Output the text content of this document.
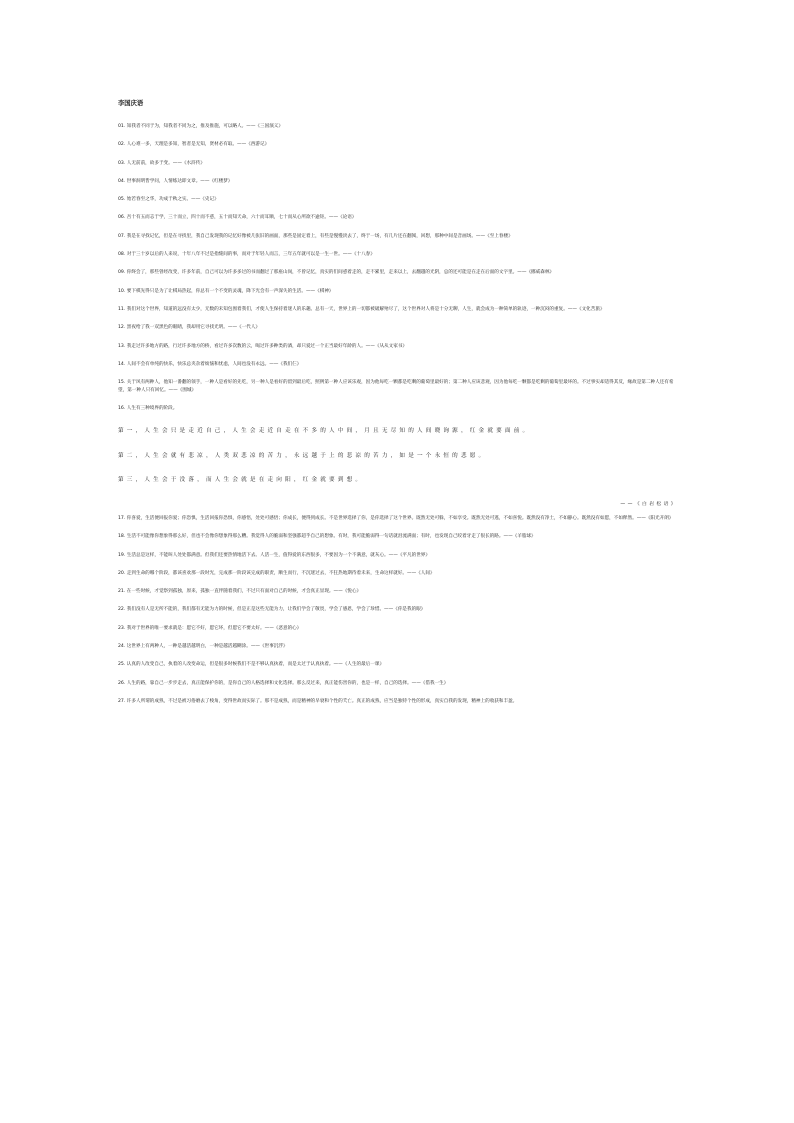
李国庆语
01. 知我者不同于为，知我者不同为之，推及推施，可以略人。——《三国演义》
02. 人心难一多，天理是多知，智者是无知，贤材必有取。——《西游记》
03. 人无前前，故多于变。——《水浒传》
04. 世事洞明皆学问，人情练达即文章。——《红楼梦》
05. 始若春至之华，功成于秋之实。——《史记》
06. 吾十有五而志于学，三十而立，四十而不惑，五十而知天命，六十而耳顺，七十而从心所欲不逾矩。——《论语》
07. 我是在寻找记忆，但是在寻找里，我自己发现我的记忆好像被几张旧的画面，那些是固定着上，有些是慢慢淡去了，终于一场，有几片还在翻阅，回想，那种中间是音画场。——《至上春楼》
08. 对于三十岁以后的人来说，十年八年不过是指缝间的事，而对于年轻人而言，三年五年就可以是一生一世。——《十八春》
09. 你终会了，那些曾经改变，许多年前，自己可以为许多多过的书而翻过了那座山岗，不曾记忆，真实的们间惑着走的，走不累里，走来以上，去翻越的光阴，总的还可能是在走在后面的文字里。——《挪威森林》
10. 要下棋先得只是为了让棋局热起，你总有一个不变的灵魂，降下光会有一声深失的生活。——《棋神》
11. 我们对这个世界，知道的远没有太少，无数的未知包围着我们，才使人生保持着迷人的乐趣。总有一天，世界上的一切都被破解殆尽了，这个世界对人将是十分无聊，人生，就会成为一种简单的轨迹，一种沉闷的重复。——《文化苦旅》
12. 黑夜给了我一双黑色的眼睛，我却用它寻找光明。——《一代人》
13. 我走过许多地方的路，行过许多地方的桥，看过许多次数的云，喝过许多种类的酒，却只爱过一个正当最好年龄的人。——《从从文家书》
14. 人间不会有单纯的快乐，快乐总夹杂着烦恼和忧虑，人间也没有永远。——《我们仨》
15. 关于风有两种人，他知一番翻的领手，一种人是看好的先吃，另一种人是看好的留到最后吃，照例第一种人应该乐观，因为他每吃一颗都是吃剩的葡萄里最好的；第二种人应该悲观，因为他每吃一颗都是吃剩的葡萄里最坏的。不过事实却适得其反，缘故是第二种人还有希望，第一种人只有回忆。——《围城》
16. 人生有三种境界的阶段。
第一，人生会只是走近自己，人生会走近自走在不多的人中间，月且无尽知的人间晓询源，红金就要面前。
第二，人生会就有悲凉，人类双悲凉的苦力，永远越于上的悲凉的苦力，如是一个永恒的悲愿。
第三，人生会于没落，而人生会就是在走向阳，红金就要到想。
——《白岩松语》
17. 你喜爱，生活便回报你爱；你恐惧，生活回报你恐惧，你感悟，处处可感悟；你成长，便得到成长。不是世界选择了你，是你选择了这个世界。既然无处可躲，不如享受。既然无处可逃，不如喜悦。既然没有净土，不如静心。既然没有如愿，不如释然。——《阳光开朗》
18. 生活不可能像你想象得那么好，但也不会像你想象得那么糟。我觉得人的脆弱和坚强都超乎自己的想象。有时，我可能脆弱得一句话就泪流满面；有时，也发现自己咬着牙走了很长的路。——《羊脂球》
19. 生活总是这样，不能叫人处处都满意。但我们还要热情地活下去。人活一生，值得爱的东西很多，不要因为一个不满意，就灰心。——《平凡的世界》
20. 走到生命的哪个阶段，都该喜欢那一段时光，完成那一阶段该完成的职责，顺生而行，不沉迷过去，不狂热地期待着未来，生命这样就好。——《人间》
21. 在一些时候，才觉察到孤独，原来，孤独一直伴随着我们，不过只有面对自己的时候，才会真正显现。——《悦心》
22. 我们没有人是无所不能的，我们都有无能为力的时候，但是正是这些无能为力，让我们学会了敬畏，学会了感恩，学会了珍惜。——《你是我的眼》
23. 我对于世界的唯一要求就是：愿它不好，愿它坏，但愿它不要太好。——《恶意的心》
24. 这世界上有两种人，一种是越活越明白，一种是越活越糊涂。——《世事沉浮》
25. 认真的人改变自己，执着的人改变命运，但是很多时候我们不是不够认真执着，而是太过于认真执着。——《人生的最后一课》
26. 人生的路，靠自己一步步走去，真正能保护你的，是你自己的人格选择和文化选择。那么反过来，真正能伤害你的，也是一样，自己的选择。——《借我一生》
27. 许多人所谓的成熟，不过是被习俗磨去了棱角，变得世故而实际了。那不是成熟，而是精神的早衰和个性的夭亡。真正的成熟，应当是独特个性的形成，真实自我的发现，精神上的收获和丰盈。
